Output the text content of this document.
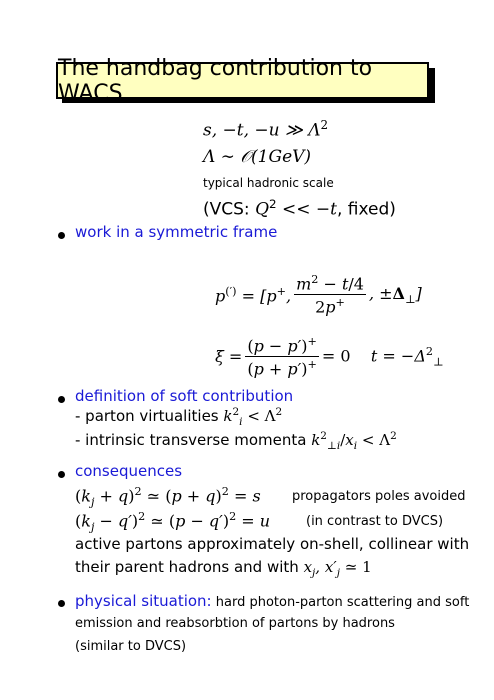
The handbag contribution to WACS
s, −t, −u ≫ $\Lambda^2$
Λ ∼ 𝒪(1GeV)
typical hadronic scale
(VCS: $Q^2 << -t$, fixed)
work in a symmetric frame
p(′) = [p+, $\frac{m^2 - t/4}{2p^+}$ , $\pm\Delta_\perp$]
$\xi = \frac{(p - p')^+}{(p + p')^+} = 0$    $t = -\Delta^2_\perp$
definition of soft contribution
- parton virtualities $k^2_i < \Lambda^2$
- intrinsic transverse momenta $k^2_{\perp i}/x_i < \Lambda^2$
consequences
$(k_j + q)^2$ ≃ $(p + q)^2 = s$ propagators poles avoided
$(k_j - q')^2$ ≃ $(p - q')^2 = u$	(in contrast to DVCS)
active partons approximately on-shell, collinear with
their parent hadrons and with $x_j$, $x'_j$ ≃ 1
physical situation: hard photon-parton scattering and soft
emission and reabsorbtion of partons by hadrons
(similar to DVCS)
